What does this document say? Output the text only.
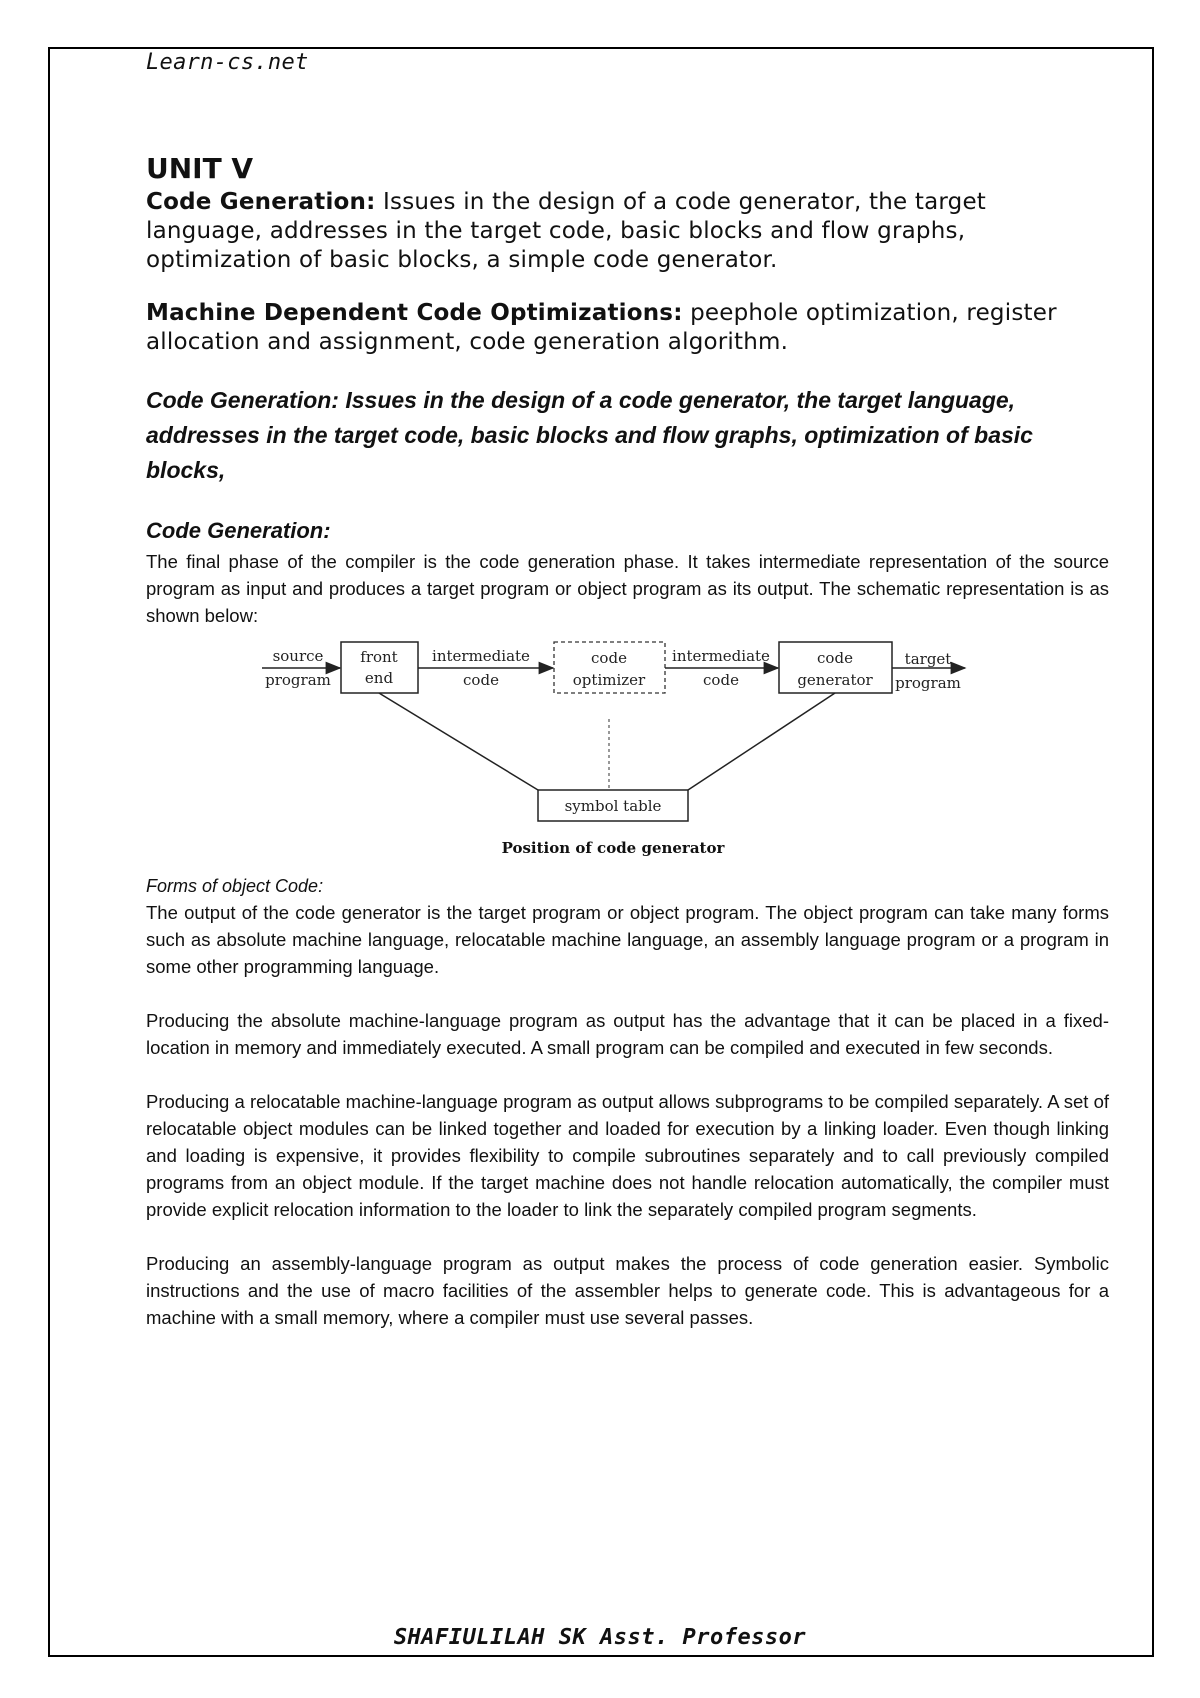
Learn-cs.net
UNIT V

Code Generation: Issues in the design of a code generator, the target language, addresses in the target code, basic blocks and flow graphs, optimization of basic blocks, a simple code generator.

Machine Dependent Code Optimizations: peephole optimization, register allocation and assignment, code generation algorithm.

Code Generation: Issues in the design of a code generator, the target language, addresses in the target code, basic blocks and flow graphs, optimization of basic blocks,

Code Generation:

The final phase of the compiler is the code generation phase. It takes intermediate representation of the source program as input and produces a target program or object program as its output. The schematic representation is as shown below:

source
program
front
end
intermediate
code
code
optimizer
intermediate
code
code
generator
target
program
symbol table
Position of code generator

Forms of object Code:

The output of the code generator is the target program or object program. The object program can take many forms such as absolute machine language, relocatable machine language, an assembly language program or a program in some other programming language.

Producing the absolute machine-language program as output has the advantage that it can be placed in a fixed-location in memory and immediately executed. A small program can be compiled and executed in few seconds.

Producing a relocatable machine-language program as output allows subprograms to be compiled separately. A set of relocatable object modules can be linked together and loaded for execution by a linking loader. Even though linking and loading is expensive, it provides flexibility to compile subroutines separately and to call previously compiled programs from an object module. If the target machine does not handle relocation automatically, the compiler must provide explicit relocation information to the loader to link the separately compiled program segments.

Producing an assembly-language program as output makes the process of code generation easier. Symbolic instructions and the use of macro facilities of the assembler helps to generate code. This is advantageous for a machine with a small memory, where a compiler must use several passes.

SHAFIULILAH SK Asst. Professor
